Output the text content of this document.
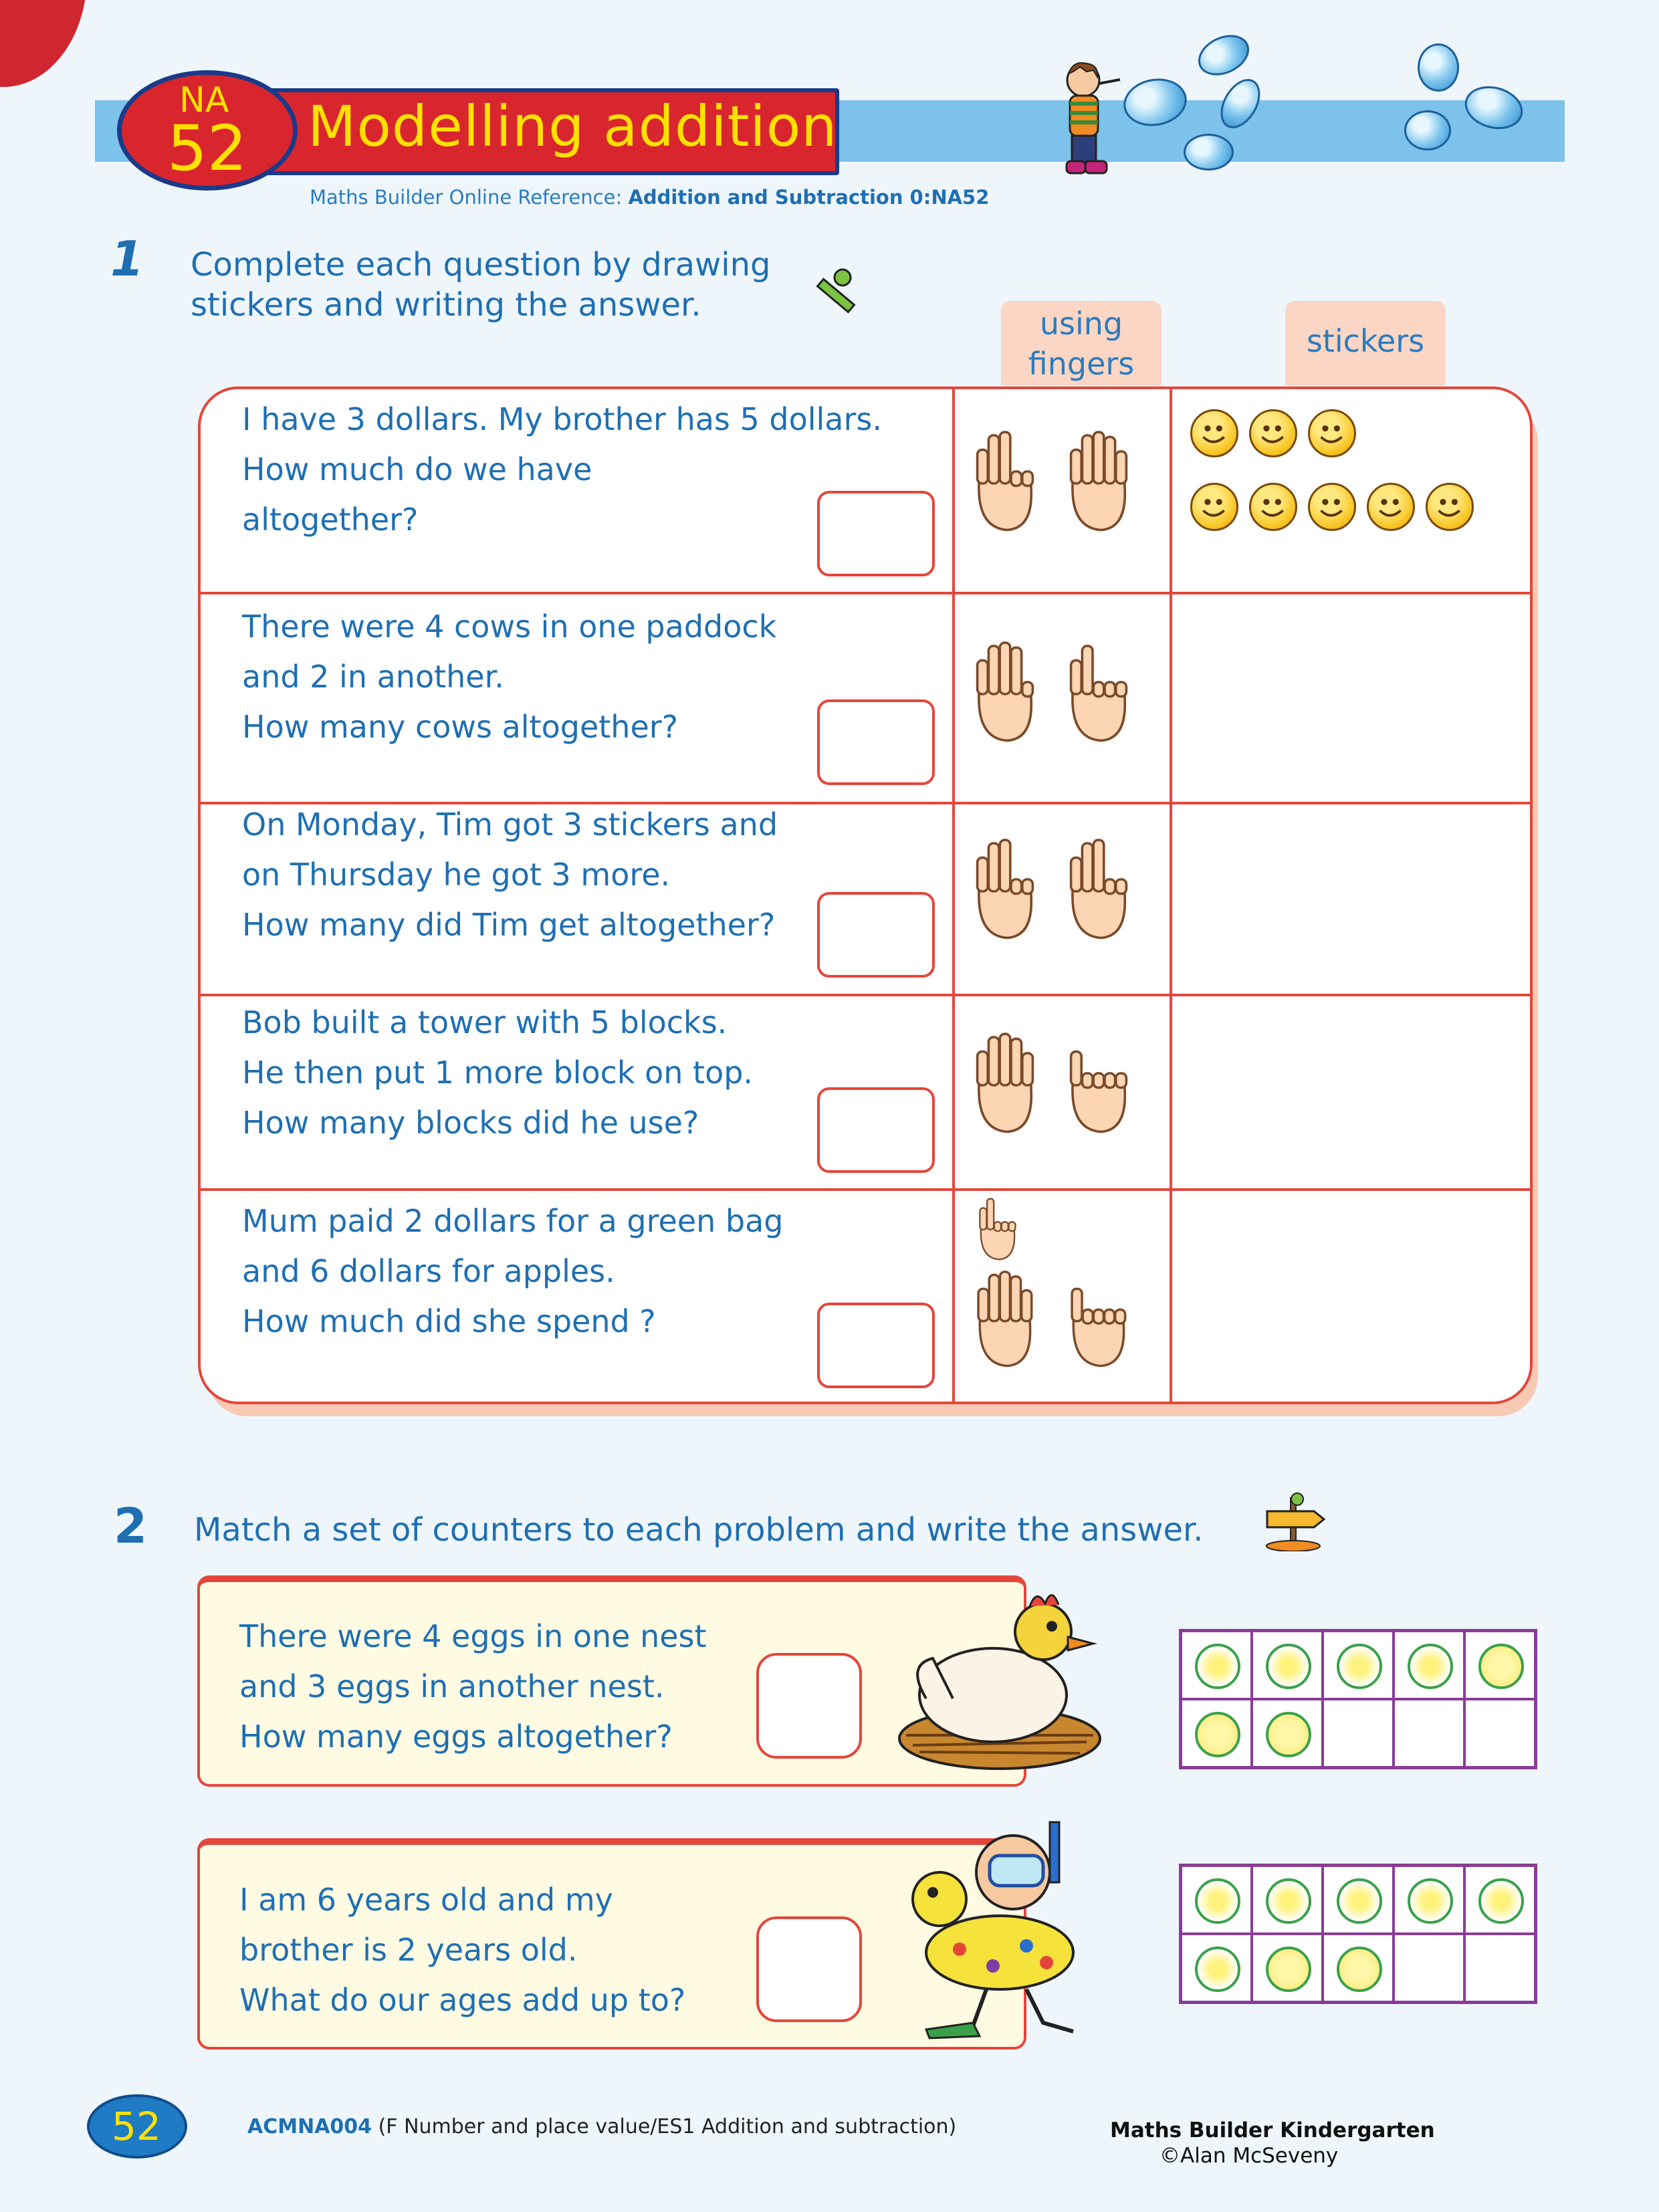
Modelling addition
NA
52
Maths Builder Online Reference: Addition and Subtraction 0:NA52
1 Complete each question by drawing
stickers and writing the answer.	using
fingers
stickers
I have 3 dollars. My brother has 5 dollars.
How much do we have
altogether?
There were 4 cows in one paddock
and 2 in another.
How many cows altogether?
On Monday, Tim got 3 stickers and
on Thursday he got 3 more.
How many did Tim get altogether?
Bob built a tower with 5 blocks.
He then put 1 more block on top.
How many blocks did he use?
Mum paid 2 dollars for a green bag
and 6 dollars for apples.
How much did she spend ?
2 Match a set of counters to each problem and write the answer.
There were 4 eggs in one nest
and 3 eggs in another nest.
How many eggs altogether?
I am 6 years old and my
brother is 2 years old.
What do our ages add up to?
52	ACMNA004 (F Number and place value/ES1 Addition and subtraction)	Maths Builder Kindergarten
©Alan McSeveny
